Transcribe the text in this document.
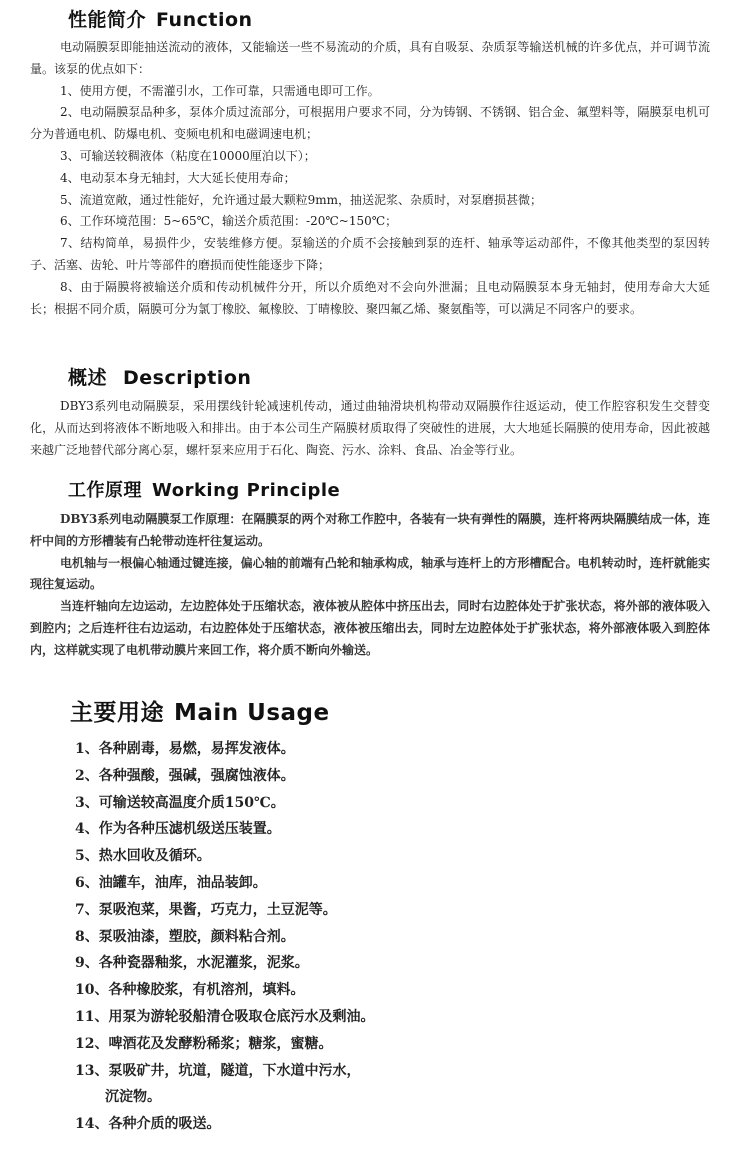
性能简介 Function

电动隔膜泵即能抽送流动的液体，又能输送一些不易流动的介质，具有自吸泵、杂质泵等输送机械的许多优点，并可调节流量。该泵的优点如下：

1、使用方便，不需灌引水，工作可靠，只需通电即可工作。

2、电动隔膜泵品种多，泵体介质过流部分，可根据用户要求不同，分为铸钢、不锈钢、铝合金、氟塑料等，隔膜泵电机可分为普通电机、防爆电机、变频电机和电磁调速电机；

3、可输送较稠液体（粘度在10000厘泊以下）；

4、电动泵本身无轴封，大大延长使用寿命；

5、流道宽敞，通过性能好，允许通过最大颗粒9mm，抽送泥浆、杂质时，对泵磨损甚微；

6、工作环境范围：5~65℃，输送介质范围：-20℃~150℃；

7、结构简单，易损件少，安装维修方便。泵输送的介质不会接触到泵的连杆、轴承等运动部件，不像其他类型的泵因转子、活塞、齿轮、叶片等部件的磨损而使性能逐步下降；

8、由于隔膜将被输送介质和传动机械件分开，所以介质绝对不会向外泄漏；且电动隔膜泵本身无轴封，使用寿命大大延长；根据不同介质，隔膜可分为氯丁橡胶、氟橡胶、丁晴橡胶、聚四氟乙烯、聚氨酯等，可以满足不同客户的要求。

概述 Description

DBY3系列电动隔膜泵，采用摆线针轮减速机传动，通过曲轴滑块机构带动双隔膜作往返运动，使工作腔容积发生交替变化，从而达到将液体不断地吸入和排出。由于本公司生产隔膜材质取得了突破性的进展，大大地延长隔膜的使用寿命，因此被越来越广泛地替代部分离心泵，螺杆泵来应用于石化、陶瓷、污水、涂料、食品、冶金等行业。

工作原理 Working Principle

DBY3系列电动隔膜泵工作原理：在隔膜泵的两个对称工作腔中，各装有一块有弹性的隔膜，连杆将两块隔膜结成一体，连杆中间的方形槽装有凸轮带动连杆往复运动。

电机轴与一根偏心轴通过键连接，偏心轴的前端有凸轮和轴承构成，轴承与连杆上的方形槽配合。电机转动时，连杆就能实现往复运动。

当连杆轴向左边运动，左边腔体处于压缩状态，液体被从腔体中挤压出去，同时右边腔体处于扩张状态，将外部的液体吸入到腔内；之后连杆往右边运动，右边腔体处于压缩状态，液体被压缩出去，同时左边腔体处于扩张状态，将外部液体吸入到腔体内，这样就实现了电机带动膜片来回工作，将介质不断向外输送。

主要用途 Main Usage
1、各种剧毒，易燃，易挥发液体。
2、各种强酸，强碱，强腐蚀液体。
3、可输送较高温度介质150℃。
4、作为各种压滤机级送压装置。
5、热水回收及循环。
6、油罐车，油库，油品装卸。
7、泵吸泡菜，果酱，巧克力，土豆泥等。
8、泵吸油漆，塑胶，颜料粘合剂。
9、各种瓷器釉浆，水泥灌浆，泥浆。
10、各种橡胶浆，有机溶剂，填料。
11、用泵为游轮驳船清仓吸取仓底污水及剩油。
12、啤酒花及发酵粉稀浆；糖浆，蜜糖。
13、泵吸矿井，坑道，隧道，下水道中污水，
沉淀物。
14、各种介质的吸送。
